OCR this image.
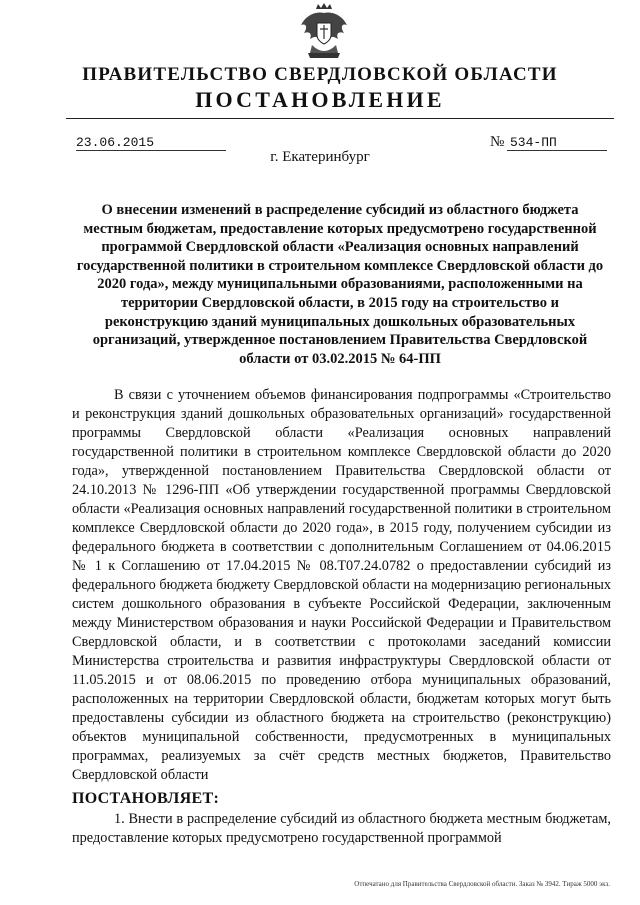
ПРАВИТЕЛЬСТВО СВЕРДЛОВСКОЙ ОБЛАСТИ
ПОСТАНОВЛЕНИЕ
23.06.2015	№ 534-ПП
г. Екатеринбург
О внесении изменений в распределение субсидий из областного бюджета местным бюджетам, предоставление которых предусмотрено государственной программой Свердловской области «Реализация основных направлений государственной политики в строительном комплексе Свердловской области до 2020 года», между муниципальными образованиями, расположенными на территории Свердловской области, в 2015 году на строительство и реконструкцию зданий муниципальных дошкольных образовательных организаций, утвержденное постановлением Правительства Свердловской области от 03.02.2015 № 64-ПП
В связи с уточнением объемов финансирования подпрограммы «Строительство и реконструкция зданий дошкольных образовательных организаций» государственной программы Свердловской области «Реализация основных направлений государственной политики в строительном комплексе Свердловской области до 2020 года», утвержденной постановлением Правительства Свердловской области от 24.10.2013 № 1296-ПП «Об утверждении государственной программы Свердловской области «Реализация основных направлений государственной политики в строительном комплексе Свердловской области до 2020 года», в 2015 году, получением субсидии из федерального бюджета в соответствии с дополнительным Соглашением от 04.06.2015 № 1 к Соглашению от 17.04.2015 № 08.Т07.24.0782 о предоставлении субсидий из федерального бюджета бюджету Свердловской области на модернизацию региональных систем дошкольного образования в субъекте Российской Федерации, заключенным между Министерством образования и науки Российской Федерации и Правительством Свердловской области, и в соответствии с протоколами заседаний комиссии Министерства строительства и развития инфраструктуры Свердловской области от 11.05.2015 и от 08.06.2015 по проведению отбора муниципальных образований, расположенных на территории Свердловской области, бюджетам которых могут быть предоставлены субсидии из областного бюджета на строительство (реконструкцию) объектов муниципальной собственности, предусмотренных в муниципальных программах, реализуемых за счёт средств местных бюджетов, Правительство Свердловской области
ПОСТАНОВЛЯЕТ:
1. Внести в распределение субсидий из областного бюджета местным бюджетам, предоставление которых предусмотрено государственной программой
Отпечатано для Правительства Свердловской области. Заказ № 3942. Тираж 5000 экз.
